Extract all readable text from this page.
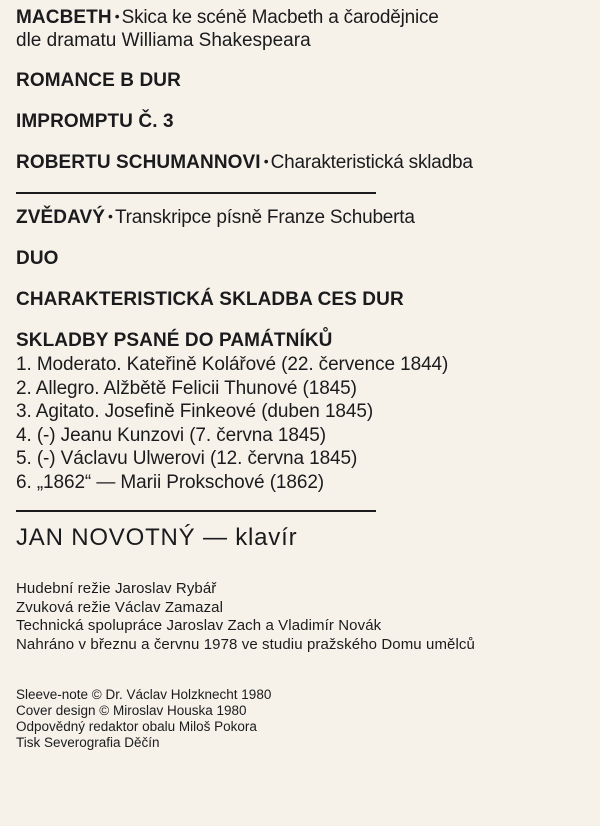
MACBETH • Skica ke scéně Macbeth a čarodějnice
dle dramatu Williama Shakespeara

ROMANCE B DUR

IMPROMPTU Č. 3

ROBERTU SCHUMANNOVI • Charakteristická skladba

ZVĚDAVÝ • Transkripce písně Franze Schuberta

DUO

CHARAKTERISTICKÁ SKLADBA CES DUR

SKLADBY PSANÉ DO PAMÁTNÍKŮ

1. Moderato. Kateřině Kolářové (22. července 1844)
2. Allegro. Alžbětě Felicii Thunové (1845)
3. Agitato. Josefině Finkeové (duben 1845)
4. (-) Jeanu Kunzovi (7. června 1845)
5. (-) Václavu Ulwerovi (12. června 1845)
6. „1862“ — Marii Prokschové (1862)

JAN NOVOTNÝ — klavír

Hudební režie Jaroslav Rybář

Zvuková režie Václav Zamazal

Technická spolupráce Jaroslav Zach a Vladimír Novák

Nahráno v březnu a červnu 1978 ve studiu pražského Domu umělců

Sleeve-note © Dr. Václav Holzknecht 1980

Cover design © Miroslav Houska 1980

Odpovědný redaktor obalu Miloš Pokora

Tisk Severografia Děčín
